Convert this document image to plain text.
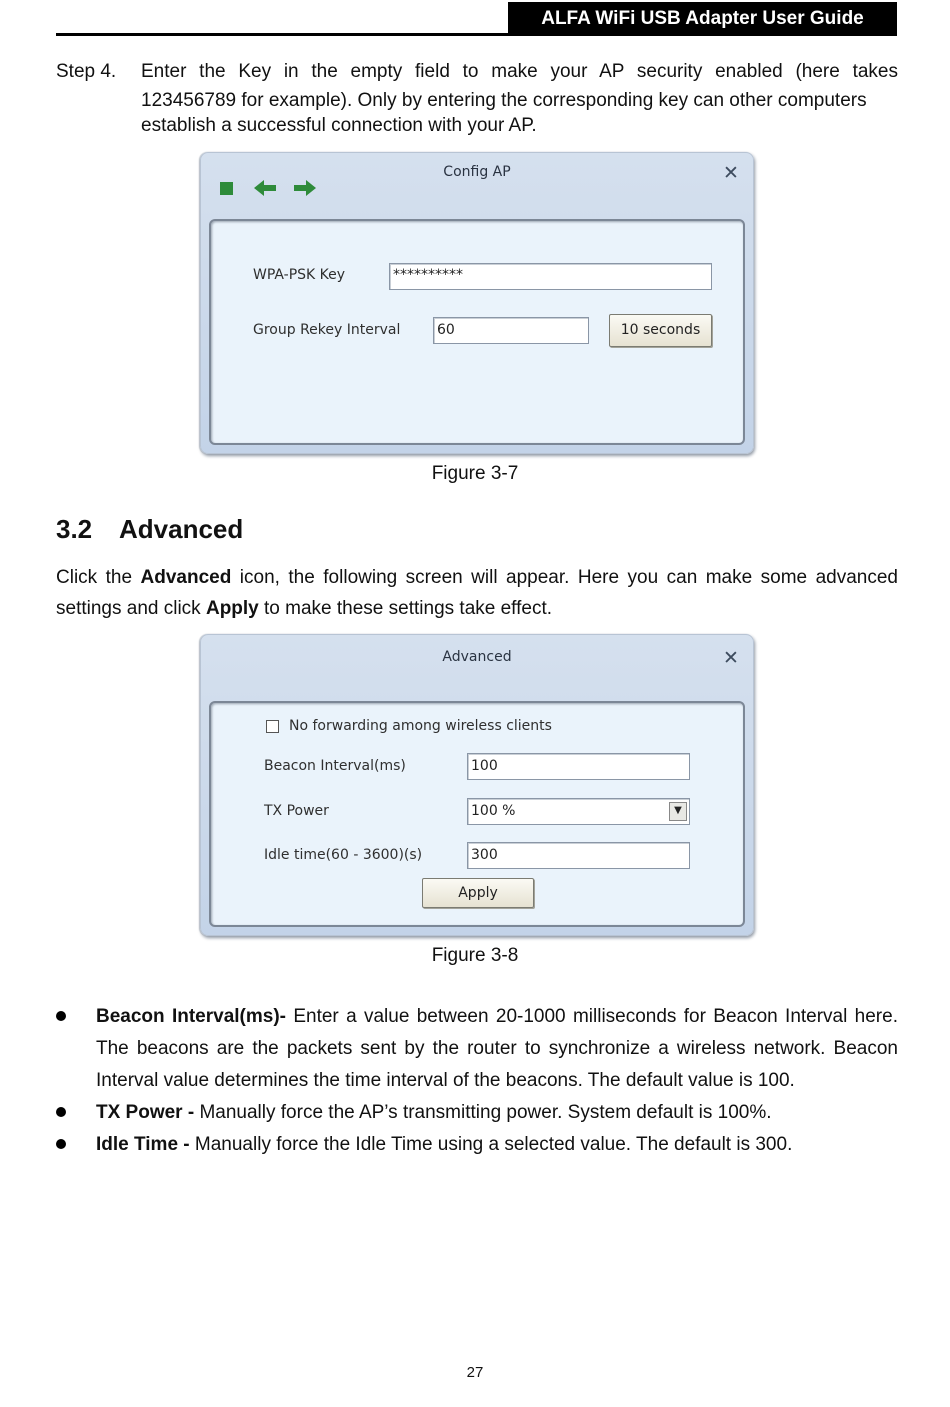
ALFA WiFi USB Adapter User Guide
Step 4. Enter the Key in the empty field to make your AP security enabled (here takes
123456789 for example). Only by entering the corresponding key can other computers
establish a successful connection with your AP.
Config AP	✕
WPA-PSK Key	**********
Group Rekey Interval	60	10 seconds
Figure 3-7
3.2 Advanced
Click the Advanced icon, the following screen will appear. Here you can make some advanced
settings and click Apply to make these settings take effect.
Advanced	✕
No forwarding among wireless clients
Beacon Interval(ms)	100
TX Power	100 %	▼
Idle time(60 - 3600)(s)	300
Apply
Figure 3-8
Beacon Interval(ms)- Enter a value between 20-1000 milliseconds for Beacon Interval here.
The beacons are the packets sent by the router to synchronize a wireless network. Beacon
Interval value determines the time interval of the beacons. The default value is 100.
TX Power - Manually force the AP’s transmitting power. System default is 100%.
Idle Time - Manually force the Idle Time using a selected value. The default is 300.
27
